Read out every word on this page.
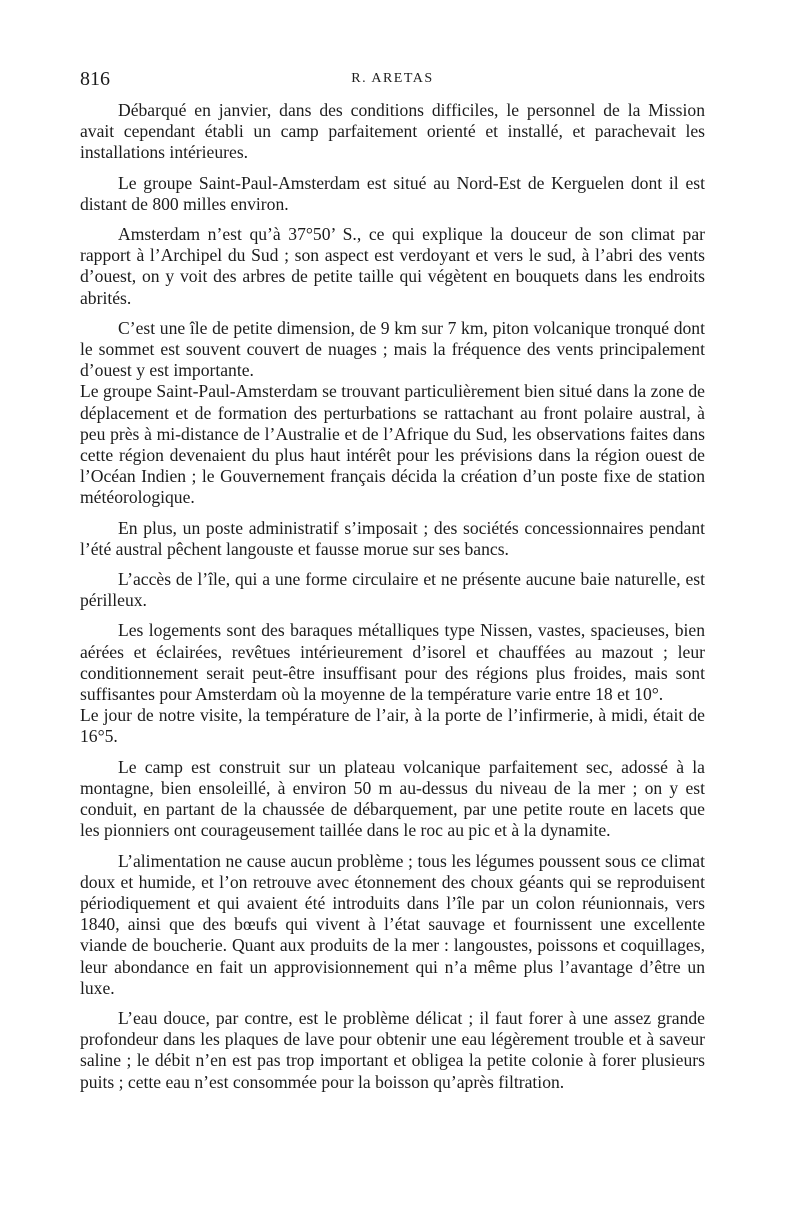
816	R. ARETAS

Débarqué en janvier, dans des conditions difficiles, le personnel de la Mission avait cependant établi un camp parfaitement orienté et installé, et parachevait les installations intérieures.

Le groupe Saint-Paul-Amsterdam est situé au Nord-Est de Kerguelen dont il est distant de 800 milles environ.

Amsterdam n’est qu’à 37°50’ S., ce qui explique la douceur de son climat par rapport à l’Archipel du Sud ; son aspect est verdoyant et vers le sud, à l’abri des vents d’ouest, on y voit des arbres de petite taille qui végètent en bouquets dans les endroits abrités.

C’est une île de petite dimension, de 9 km sur 7 km, piton volcanique tronqué dont le sommet est souvent couvert de nuages ; mais la fréquence des vents principalement d’ouest y est importante.

Le groupe Saint-Paul-Amsterdam se trouvant particulièrement bien situé dans la zone de déplacement et de formation des perturbations se rattachant au front polaire austral, à peu près à mi-distance de l’Australie et de l’Afrique du Sud, les observations faites dans cette région devenaient du plus haut intérêt pour les prévisions dans la région ouest de l’Océan Indien ; le Gouvernement français décida la création d’un poste fixe de station météorologique.

En plus, un poste administratif s’imposait ; des sociétés concessionnaires pendant l’été austral pêchent langouste et fausse morue sur ses bancs.

L’accès de l’île, qui a une forme circulaire et ne présente aucune baie naturelle, est périlleux.

Les logements sont des baraques métalliques type Nissen, vastes, spacieuses, bien aérées et éclairées, revêtues intérieurement d’isorel et chauffées au mazout ; leur conditionnement serait peut-être insuffisant pour des régions plus froides, mais sont suffisantes pour Amsterdam où la moyenne de la température varie entre 18 et 10°.

Le jour de notre visite, la température de l’air, à la porte de l’infirmerie, à midi, était de 16°5.

Le camp est construit sur un plateau volcanique parfaitement sec, adossé à la montagne, bien ensoleillé, à environ 50 m au-dessus du niveau de la mer ; on y est conduit, en partant de la chaussée de débarquement, par une petite route en lacets que les pionniers ont courageusement taillée dans le roc au pic et à la dynamite.

L’alimentation ne cause aucun problème ; tous les légumes poussent sous ce climat doux et humide, et l’on retrouve avec étonnement des choux géants qui se reproduisent périodiquement et qui avaient été introduits dans l’île par un colon réunionnais, vers 1840, ainsi que des bœufs qui vivent à l’état sauvage et fournissent une excellente viande de boucherie. Quant aux produits de la mer : langoustes, poissons et coquillages, leur abondance en fait un approvisionnement qui n’a même plus l’avantage d’être un luxe.

L’eau douce, par contre, est le problème délicat ; il faut forer à une assez grande profondeur dans les plaques de lave pour obtenir une eau légèrement trouble et à saveur saline ; le débit n’en est pas trop important et obligea la petite colonie à forer plusieurs puits ; cette eau n’est consommée pour la boisson qu’après filtration.
